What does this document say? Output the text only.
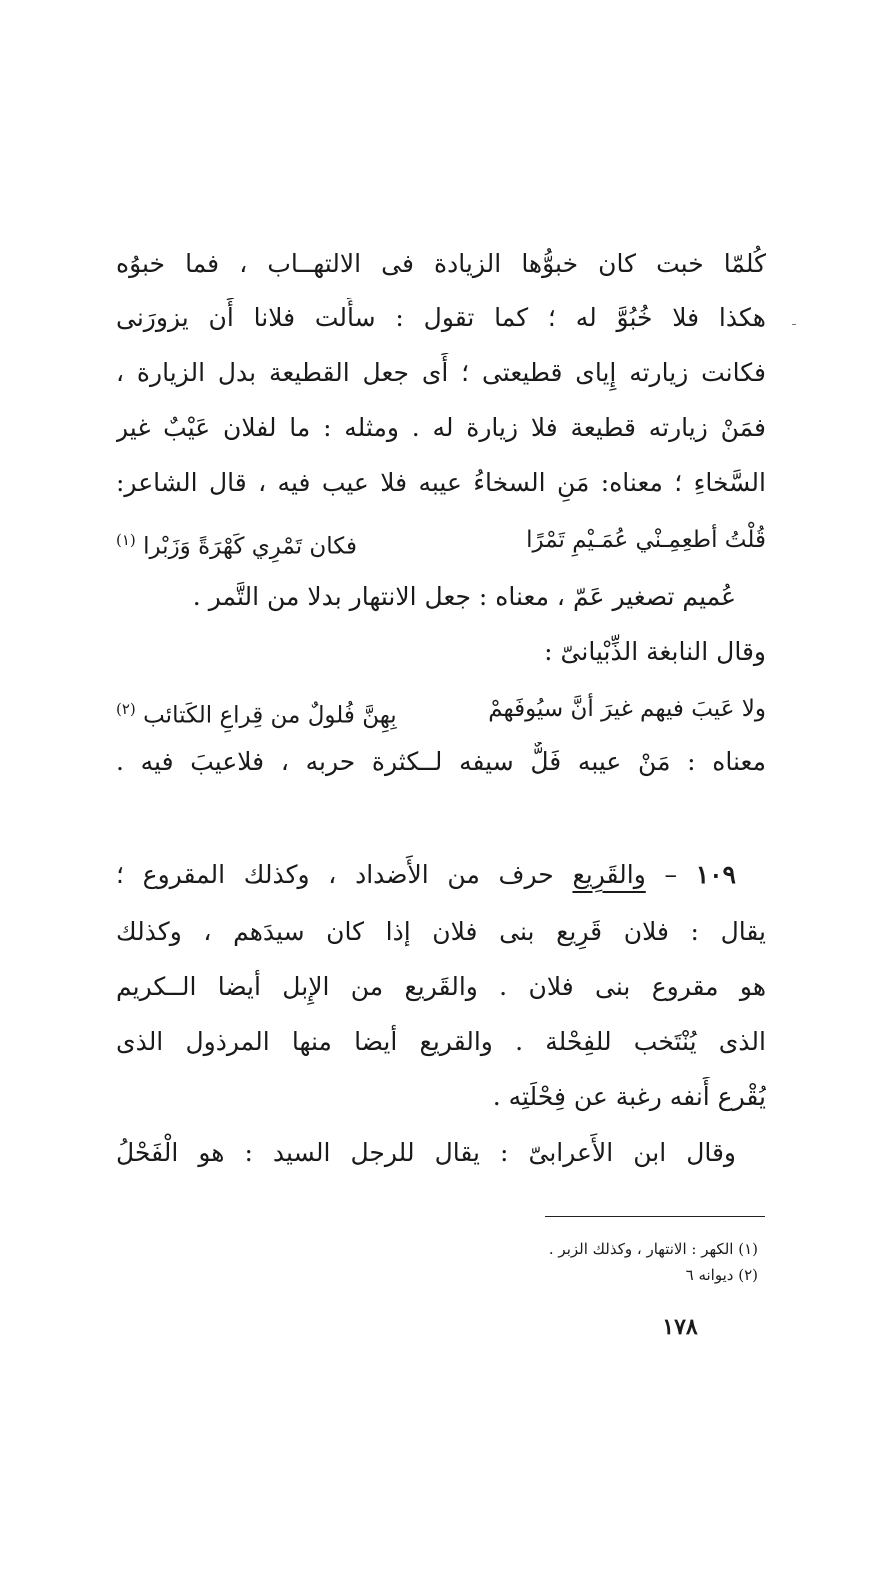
كُلمّا خبت كان خبوُّها الزيادة فى الالتهــاب ، فما خبوُه
هكذا فلا خُبُوَّ له ؛ كما تقول : سأَلت فلانا أَن يزورَنى
فكانت زيارته إِياى قطيعتى ؛ أَى جعل القطيعة بدل الزيارة ،
فمَنْ زيارته قطيعة فلا زيارة له . ومثله : ما لفلان عَيْبٌ غير
السَّخاءِ ؛ معناه: مَنِ السخاءُ عيبه فلا عيب فيه ، قال الشاعر:
قُلْتُ أطعِمِـنْي عُمَـيْمِ تَمْرًا
فكان تَمْرِي كَهْرَةً وَزَبْرا $^{(١)}$
عُميم تصغير عَمّ ، معناه : جعل الانتهار بدلا من التَّمر .
وقال النابغة الذِّبْيانىّ :
ولا عَيبَ فيهم غيرَ أنَّ سيُوفَهمْ
بِهِنَّ فُلولٌ من قِراعِ الكَتائب $^{(٢)}$
معناه : مَنْ عيبه فَلٌّ سيفه لــكثرة حربه ، فلاعيبَ فيه .
١٠٩ – والقَرِيع حرف من الأَضداد ، وكذلك المقروع ؛
يقال : فلان قَرِيع بنى فلان إذا كان سيدَهم ، وكذلك
هو مقروع بنى فلان . والقَريع من الإِبل أيضا الــكريم
الذى يُنْتَخب للفِحْلة . والقريع أيضا منها المرذول الذى
يُقْرع أَنفه رغبة عن فِحْلَتِه .
وقال ابن الأَعرابىّ : يقال للرجل السيد : هو الْفَحْلُ
(١) الكهر : الانتهار ، وكذلك الزبر .
(٢) ديوانه ٦
١٧٨
